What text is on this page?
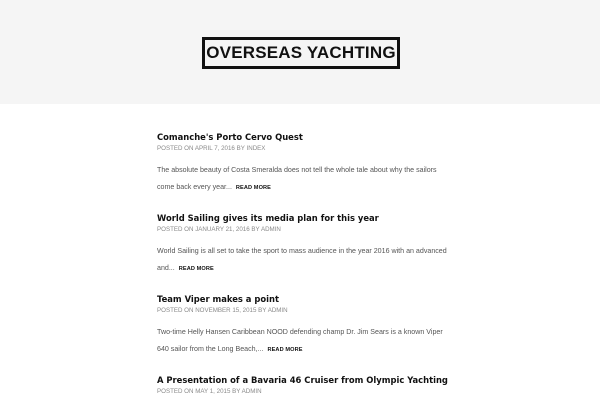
OVERSEAS YACHTING
Comanche's Porto Cervo Quest
POSTED ON APRIL 7, 2016 BY INDEX
The absolute beauty of Costa Smeralda does not tell the whole tale about why the sailors come back every year... READ MORE
World Sailing gives its media plan for this year
POSTED ON JANUARY 21, 2016 BY ADMIN
World Sailing is all set to take the sport to mass audience in the year 2016 with an advanced and... READ MORE
Team Viper makes a point
POSTED ON NOVEMBER 15, 2015 BY ADMIN
Two-time Helly Hansen Caribbean NOOD defending champ Dr. Jim Sears is a known Viper 640 sailor from the Long Beach,... READ MORE
A Presentation of a Bavaria 46 Cruiser from Olympic Yachting
POSTED ON MAY 1, 2015 BY ADMIN
